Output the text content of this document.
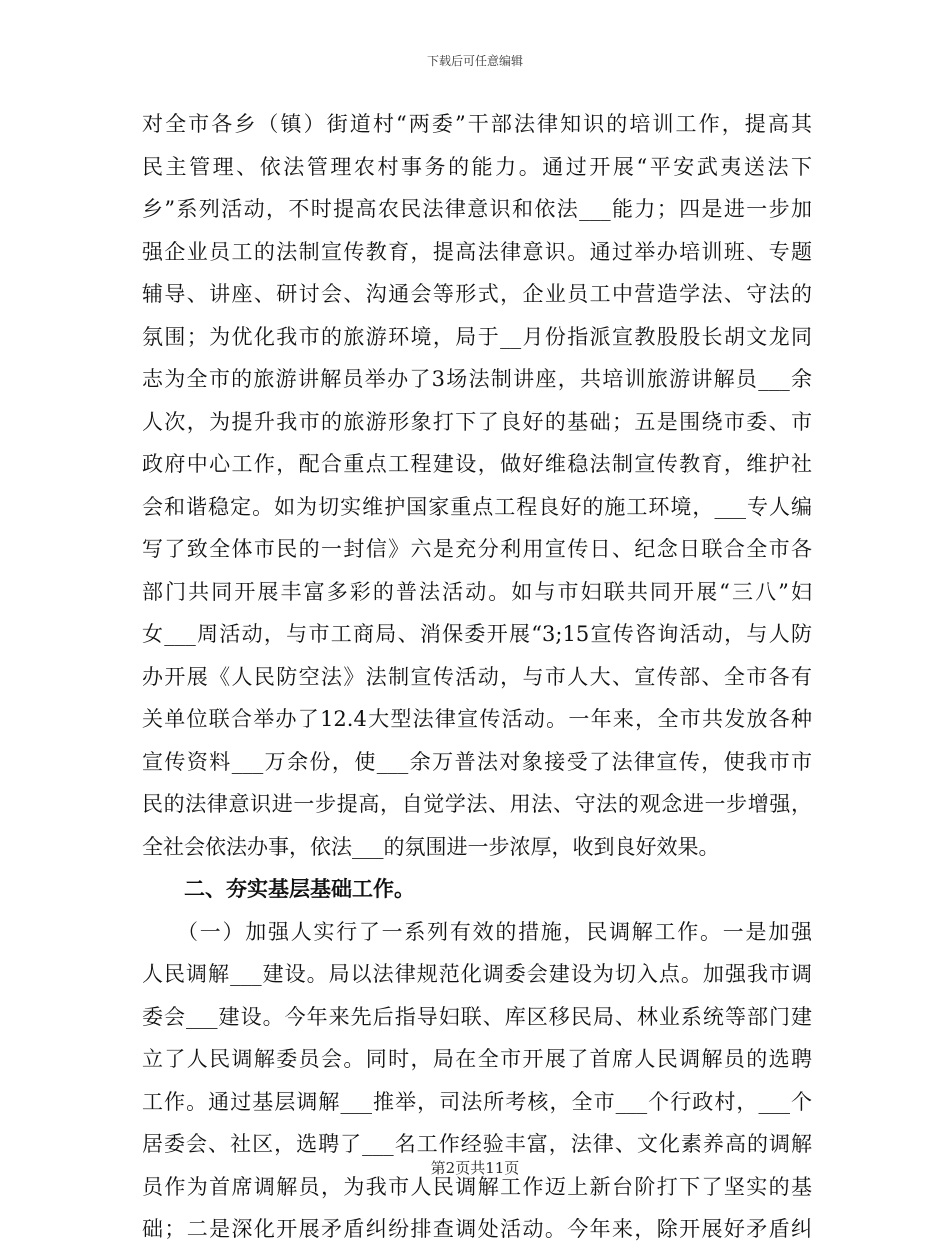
下载后可任意编辑
对全市各乡（镇）街道村“两委”干部法律知识的培训工作，提高其
民主管理、依法管理农村事务的能力。通过开展“平安武夷送法下
乡”系列活动，不时提高农民法律意识和依法___能力；四是进一步加
强企业员工的法制宣传教育，提高法律意识。通过举办培训班、专题
辅导、讲座、研讨会、沟通会等形式，企业员工中营造学法、守法的
氛围；为优化我市的旅游环境，局于__月份指派宣教股股长胡文龙同
志为全市的旅游讲解员举办了3场法制讲座，共培训旅游讲解员___余
人次，为提升我市的旅游形象打下了良好的基础；五是围绕市委、市
政府中心工作，配合重点工程建设，做好维稳法制宣传教育，维护社
会和谐稳定。如为切实维护国家重点工程良好的施工环境，___专人编
写了致全体市民的一封信》六是充分利用宣传日、纪念日联合全市各
部门共同开展丰富多彩的普法活动。如与市妇联共同开展“三八”妇
女___周活动，与市工商局、消保委开展“3;15宣传咨询活动，与人防
办开展《人民防空法》法制宣传活动，与市人大、宣传部、全市各有
关单位联合举办了12.4大型法律宣传活动。一年来，全市共发放各种
宣传资料___万余份，使___余万普法对象接受了法律宣传，使我市市
民的法律意识进一步提高，自觉学法、用法、守法的观念进一步增强，
全社会依法办事，依法___的氛围进一步浓厚，收到良好效果。
　　二、夯实基层基础工作。
　　（一）加强人实行了一系列有效的措施，民调解工作。一是加强
人民调解___建设。局以法律规范化调委会建设为切入点。加强我市调
委会___建设。今年来先后指导妇联、库区移民局、林业系统等部门建
立了人民调解委员会。同时，局在全市开展了首席人民调解员的选聘
工作。通过基层调解___推举，司法所考核，全市___个行政村，___个
居委会、社区，选聘了___名工作经验丰富，法律、文化素养高的调解
员作为首席调解员，为我市人民调解工作迈上新台阶打下了坚实的基
础；二是深化开展矛盾纠纷排查调处活动。今年来，除开展好矛盾纠
第2页共11页
